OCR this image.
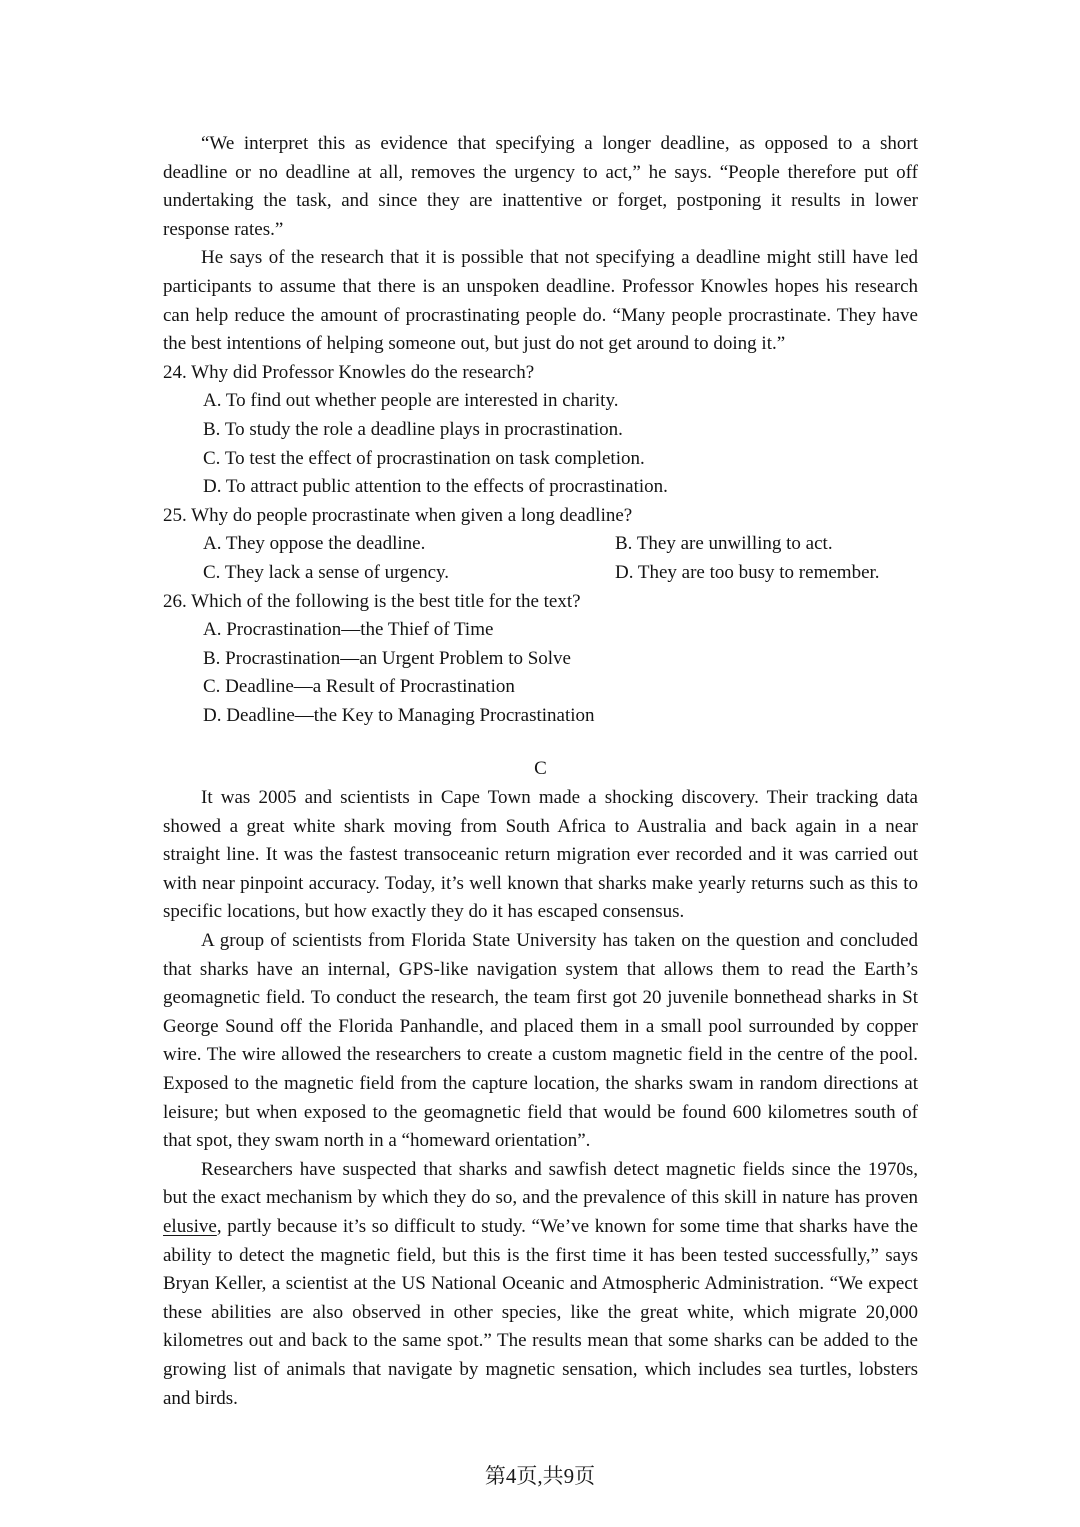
“We interpret this as evidence that specifying a longer deadline, as opposed to a short deadline or no deadline at all, removes the urgency to act,” he says. “People therefore put off undertaking the task, and since they are inattentive or forget, postponing it results in lower response rates.”

He says of the research that it is possible that not specifying a deadline might still have led participants to assume that there is an unspoken deadline. Professor Knowles hopes his research can help reduce the amount of procrastinating people do. “Many people procrastinate. They have the best intentions of helping someone out, but just do not get around to doing it.”

24. Why did Professor Knowles do the research?

A. To find out whether people are interested in charity.

B. To study the role a deadline plays in procrastination.

C. To test the effect of procrastination on task completion.

D. To attract public attention to the effects of procrastination.

25. Why do people procrastinate when given a long deadline?

A. They oppose the deadline.	B. They are unwilling to act.

C. They lack a sense of urgency.	D. They are too busy to remember.

26. Which of the following is the best title for the text?

A. Procrastination—the Thief of Time

B. Procrastination—an Urgent Problem to Solve

C. Deadline—a Result of Procrastination

D. Deadline—the Key to Managing Procrastination

C

It was 2005 and scientists in Cape Town made a shocking discovery. Their tracking data showed a great white shark moving from South Africa to Australia and back again in a near straight line. It was the fastest transoceanic return migration ever recorded and it was carried out with near pinpoint accuracy. Today, it’s well known that sharks make yearly returns such as this to specific locations, but how exactly they do it has escaped consensus.

A group of scientists from Florida State University has taken on the question and concluded that sharks have an internal, GPS-like navigation system that allows them to read the Earth’s geomagnetic field. To conduct the research, the team first got 20 juvenile bonnethead sharks in St George Sound off the Florida Panhandle, and placed them in a small pool surrounded by copper wire. The wire allowed the researchers to create a custom magnetic field in the centre of the pool. Exposed to the magnetic field from the capture location, the sharks swam in random directions at leisure; but when exposed to the geomagnetic field that would be found 600 kilometres south of that spot, they swam north in a “homeward orientation”.

Researchers have suspected that sharks and sawfish detect magnetic fields since the 1970s, but the exact mechanism by which they do so, and the prevalence of this skill in nature has proven elusive, partly because it’s so difficult to study. “We’ve known for some time that sharks have the ability to detect the magnetic field, but this is the first time it has been tested successfully,” says Bryan Keller, a scientist at the US National Oceanic and Atmospheric Administration. “We expect these abilities are also observed in other species, like the great white, which migrate 20,000 kilometres out and back to the same spot.” The results mean that some sharks can be added to the growing list of animals that navigate by magnetic sensation, which includes sea turtles, lobsters and birds.

第4页,共9页
